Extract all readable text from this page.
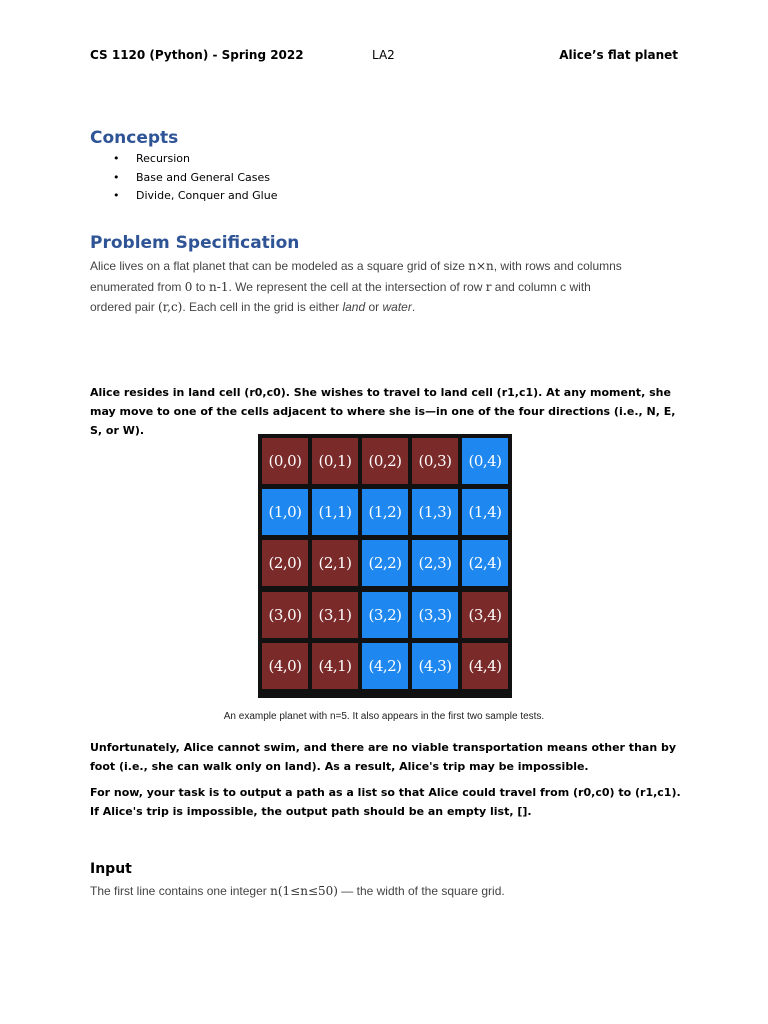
CS 1120 (Python) - Spring 2022	LA2	Alice’s flat planet
Concepts
• Recursion
• Base and General Cases
• Divide, Conquer and Glue
Problem Specification
Alice lives on a flat planet that can be modeled as a square grid of size n×n, with rows and columns
enumerated from 0 to n-1. We represent the cell at the intersection of row r and column c with
ordered pair (r,c). Each cell in the grid is either land or water.
Alice resides in land cell (r0,c0). She wishes to travel to land cell (r1,c1). At any moment, she may move to one of the cells adjacent to where she is—in one of the four directions (i.e., N, E, S, or W).
(0,0)	(0,1)	(0,2)	(0,3)	(0,4)
(1,0)	(1,1)	(1,2)	(1,3)	(1,4)
(2,0)	(2,1)	(2,2)	(2,3)	(2,4)
(3,0)	(3,1)	(3,2)	(3,3)	(3,4)
(4,0)	(4,1)	(4,2)	(4,3)	(4,4)
An example planet with n=5. It also appears in the first two sample tests.
Unfortunately, Alice cannot swim, and there are no viable transportation means other than by foot (i.e., she can walk only on land). As a result, Alice's trip may be impossible.
For now, your task is to output a path as a list so that Alice could travel from (r0,c0) to (r1,c1). If Alice's trip is impossible, the output path should be an empty list, [].
Input
The first line contains one integer n(1≤n≤50) — the width of the square grid.
